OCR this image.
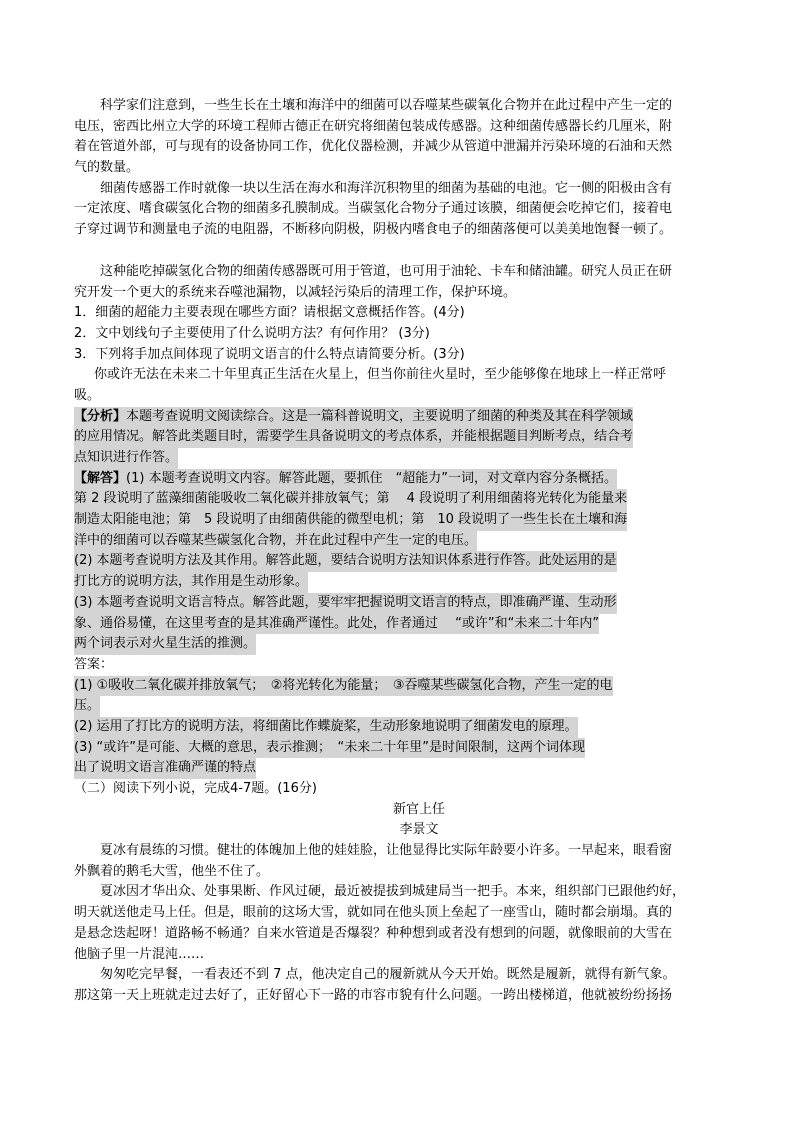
科学家们注意到，一些生长在土壤和海洋中的细菌可以吞噬某些碳氧化合物并在此过程中产生一定的

电压，密西比州立大学的环境工程师古德正在研究将细菌包装成传感器。这种细菌传感器长约几厘米，附

着在管道外部，可与现有的设备协同工作，优化仪器检测，并减少从管道中泄漏并污染环境的石油和天然

气的数量。

细菌传感器工作时就像一块以生活在海水和海洋沉积物里的细菌为基础的电池。它一侧的阳极由含有

一定浓度、嗜食碳氢化合物的细菌多孔膜制成。当碳氢化合物分子通过该膜，细菌便会吃掉它们，接着电

子穿过调节和测量电子流的电阻器，不断移向阴极，阴极内嗜食电子的细菌落便可以美美地饱餐一顿了。

这种能吃掉碳氢化合物的细菌传感器既可用于管道，也可用于油轮、卡车和储油罐。研究人员正在研

究开发一个更大的系统来吞噬池漏物，以减轻污染后的清理工作，保护环境。

1．细菌的超能力主要表现在哪些方面？请根据文意概括作答。(4分)

2．文中划线句子主要使用了什么说明方法？有何作用？ (3分)

3．下列将手加点间体现了说明文语言的什么特点请简要分析。(3分)

你或许无法在未来二十年里真正生活在火星上，但当你前往火星时，至少能够像在地球上一样正常呼

吸。

【分析】本题考查说明文阅读综合。这是一篇科普说明文，主要说明了细菌的种类及其在科学领域

的应用情况。解答此类题目时，需要学生具备说明文的考点体系，并能根据题目判断考点，结合考

点知识进行作答。

【解答】(1) 本题考查说明文内容。解答此题，要抓住　“超能力”一词，对文章内容分条概括。

第 2 段说明了蓝藻细菌能吸收二氧化碳并排放氧气；第　 4 段说明了利用细菌将光转化为能量来

制造太阳能电池；第　5 段说明了由细菌供能的微型电机；第　10 段说明了一些生长在土壤和海

洋中的细菌可以吞噬某些碳氢化合物，并在此过程中产生一定的电压。

(2) 本题考查说明方法及其作用。解答此题，要结合说明方法知识体系进行作答。此处运用的是

打比方的说明方法，其作用是生动形象。

(3) 本题考查说明文语言特点。解答此题，要牢牢把握说明文语言的特点，即准确严谨、生动形

象、通俗易懂，在这里考查的是其准确严谨性。此处，作者通过　 “或许”和“未来二十年内”

两个词表示对火星生活的推测。

答案：

(1) ①吸收二氧化碳并排放氧气；　②将光转化为能量；　③吞噬某些碳氢化合物，产生一定的电

压。

(2) 运用了打比方的说明方法，将细菌比作蝶旋桨，生动形象地说明了细菌发电的原理。

(3) “或许”是可能、大概的意思，表示推测；　“未来二十年里”是时间限制，这两个词体现

出了说明文语言准确严谨的特点

（二）阅读下列小说，完成4-7题。(16分)

新官上任

李景文

夏冰有晨练的习惯。健壮的体魄加上他的娃娃脸，让他显得比实际年龄要小许多。一早起来，眼看窗

外飘着的鹅毛大雪，他坐不住了。

夏冰因才华出众、处事果断、作风过硬，最近被提拔到城建局当一把手。本来，组织部门已跟他约好，

明天就送他走马上任。但是，眼前的这场大雪，就如同在他头顶上垒起了一座雪山，随时都会崩塌。真的

是悬念迭起呀！道路畅不畅通？自来水管道是否爆裂？种种想到或者没有想到的问题，就像眼前的大雪在

他脑子里一片混沌……

匆匆吃完早餐，一看表还不到 7 点，他决定自己的履新就从今天开始。既然是履新，就得有新气象。

那这第一天上班就走过去好了，正好留心下一路的市容市貌有什么问题。一跨出楼梯道，他就被纷纷扬扬
